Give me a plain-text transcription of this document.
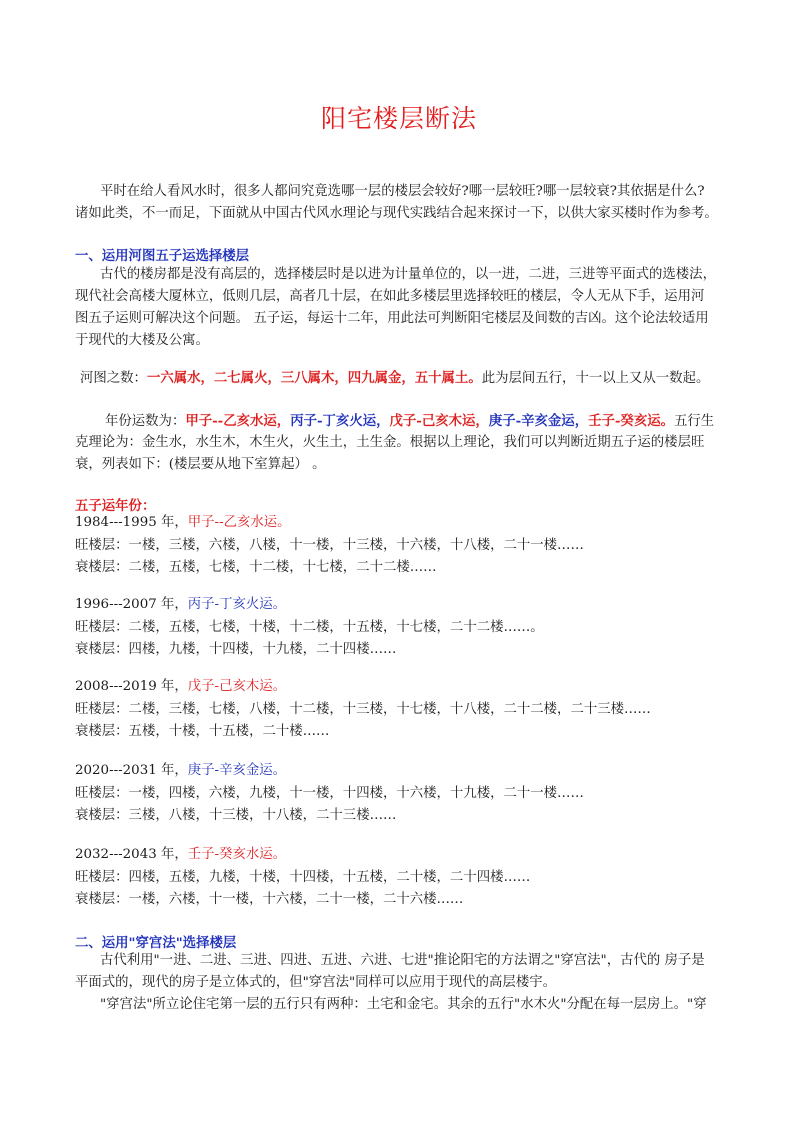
阳宅楼层断法
平时在给人看风水时，很多人都问究竟选哪一层的楼层会较好?哪一层较旺?哪一层较衰?其依据是什么?
诸如此类，不一而足，下面就从中国古代风水理论与现代实践结合起来探讨一下，以供大家买楼时作为参考。
一、运用河图五子运选择楼层
古代的楼房都是没有高层的，选择楼层时是以进为计量单位的，以一进，二进，三进等平面式的选楼法，
现代社会高楼大厦林立，低则几层，高者几十层，在如此多楼层里选择较旺的楼层，令人无从下手，运用河
图五子运则可解决这个问题。 五子运，每运十二年，用此法可判断阳宅楼层及间数的吉凶。这个论法较适用
于现代的大楼及公寓。
河图之数：一六属水，二七属火，三八属木，四九属金，五十属土。此为层间五行，十一以上又从一数起。
年份运数为：甲子--乙亥水运，丙子-丁亥火运，戊子-己亥木运，庚子-辛亥金运，壬子-癸亥运。五行生
克理论为：金生水，水生木，木生火，火生土，土生金。根据以上理论，我们可以判断近期五子运的楼层旺
衰，列表如下：(楼层要从地下室算起） 。
五子运年份：
1984---1995 年，甲子--乙亥水运。
旺楼层：一楼，三楼，六楼，八楼，十一楼，十三楼，十六楼，十八楼，二十一楼……
衰楼层：二楼，五楼，七楼，十二楼，十七楼，二十二楼……
1996---2007 年，丙子-丁亥火运。
旺楼层：二楼，五楼，七楼，十楼，十二楼，十五楼，十七楼，二十二楼……。
衰楼层：四楼，九楼，十四楼，十九楼，二十四楼……
2008---2019 年，戊子-己亥木运。
旺楼层：二楼，三楼，七楼，八楼，十二楼，十三楼，十七楼，十八楼，二十二楼，二十三楼……
衰楼层：五楼，十楼，十五楼，二十楼……
2020---2031 年，庚子-辛亥金运。
旺楼层：一楼，四楼，六楼，九楼，十一楼，十四楼，十六楼，十九楼，二十一楼……
衰楼层：三楼，八楼，十三楼，十八楼，二十三楼……
2032---2043 年，壬子-癸亥水运。
旺楼层：四楼，五楼，九楼，十楼，十四楼，十五楼，二十楼，二十四楼……
衰楼层：一楼，六楼，十一楼，十六楼，二十一楼，二十六楼……
二、运用"穿宫法"选择楼层
古代利用"一进、二进、三进、四进、五进、六进、七进"推论阳宅的方法谓之"穿宫法"，古代的 房子是
平面式的，现代的房子是立体式的，但"穿宫法"同样可以应用于现代的高层楼宇。
"穿宫法"所立论住宅第一层的五行只有两种：土宅和金宅。其余的五行"水木火"分配在每一层房上。"穿
